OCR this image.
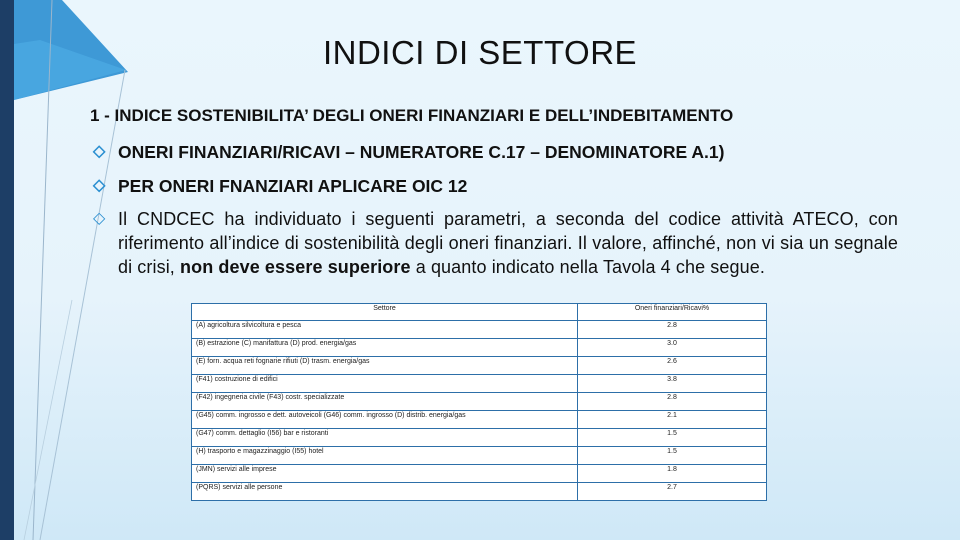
INDICI DI SETTORE
1 - INDICE SOSTENIBILITA’ DEGLI ONERI FINANZIARI E DELL’INDEBITAMENTO
◇ ONERI FINANZIARI/RICAVI – NUMERATORE C.17 – DENOMINATORE A.1)
◇ PER ONERI FNANZIARI APLICARE OIC 12
◇ Il CNDCEC ha individuato i seguenti parametri, a seconda del codice attività ATECO, con riferimento all’indice di sostenibilità degli oneri finanziari. Il valore, affinché, non vi sia un segnale di crisi, non deve essere superiore a quanto indicato nella Tavola 4 che segue.
Settore	Oneri finanziari/Ricavi%
(A) agricoltura silvicoltura e pesca	2.8
(B) estrazione (C) manifattura (D) prod. energia/gas	3.0
(E) forn. acqua reti fognarie rifiuti (D) trasm. energia/gas	2.6
(F41) costruzione di edifici	3.8
(F42) ingegneria civile (F43) costr. specializzate	2.8
(G45) comm. ingrosso e dett. autoveicoli (G46) comm. ingrosso (D) distrib. energia/gas	2.1
(G47) comm. dettaglio (I56) bar e ristoranti	1.5
(H) trasporto e magazzinaggio (I55) hotel	1.5
(JMN) servizi alle imprese	1.8
(PQRS) servizi alle persone	2.7
